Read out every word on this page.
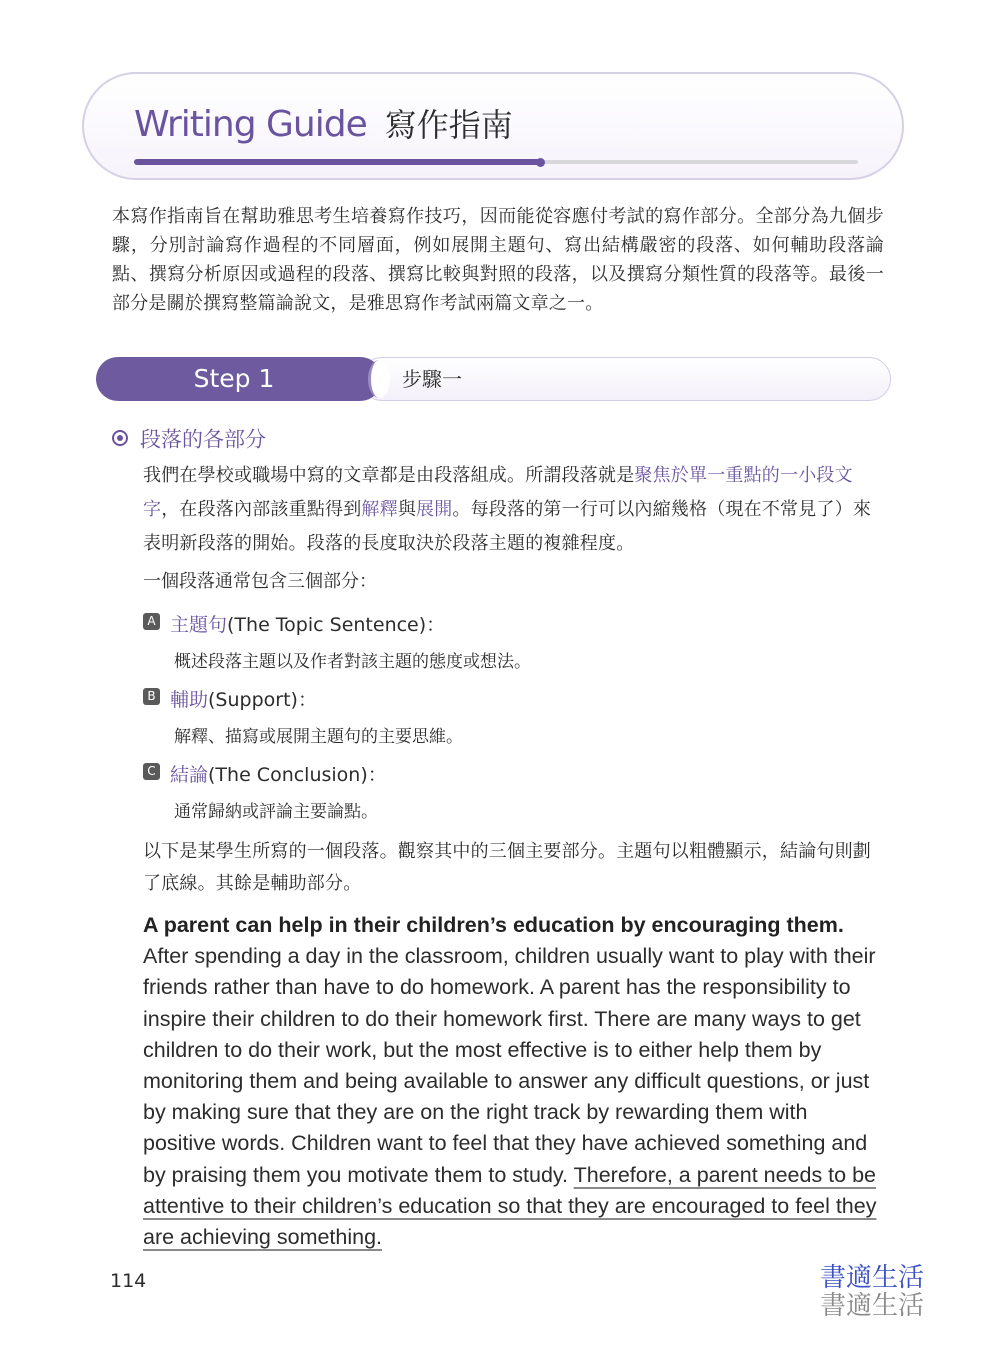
Writing Guide 寫作指南
本寫作指南旨在幫助雅思考生培養寫作技巧，因而能從容應付考試的寫作部分。全部分為九個步驟，分別討論寫作過程的不同層面，例如展開主題句、寫出結構嚴密的段落、如何輔助段落論點、撰寫分析原因或過程的段落、撰寫比較與對照的段落，以及撰寫分類性質的段落等。最後一部分是關於撰寫整篇論說文，是雅思寫作考試兩篇文章之一。
Step 1	步驟一
段落的各部分
我們在學校或職場中寫的文章都是由段落組成。所謂段落就是聚焦於單一重點的一小段文字，在段落內部該重點得到解釋與展開。每段落的第一行可以內縮幾格（現在不常見了）來表明新段落的開始。段落的長度取決於段落主題的複雜程度。
一個段落通常包含三個部分：
A 主題句(The Topic Sentence)：
概述段落主題以及作者對該主題的態度或想法。
B 輔助(Support)：
解釋、描寫或展開主題句的主要思維。
C 結論(The Conclusion)：
通常歸納或評論主要論點。
以下是某學生所寫的一個段落。觀察其中的三個主要部分。主題句以粗體顯示，結論句則劃了底線。其餘是輔助部分。
A parent can help in their children’s education by encouraging them. After spending a day in the classroom, children usually want to play with their friends rather than have to do homework. A parent has the responsibility to inspire their children to do their homework first. There are many ways to get children to do their work, but the most effective is to either help them by monitoring them and being available to answer any difficult questions, or just by making sure that they are on the right track by rewarding them with positive words. Children want to feel that they have achieved something and by praising them you motivate them to study. Therefore, a parent needs to be attentive to their children’s education so that they are encouraged to feel they are achieving something.
114	書適生活
書適生活
